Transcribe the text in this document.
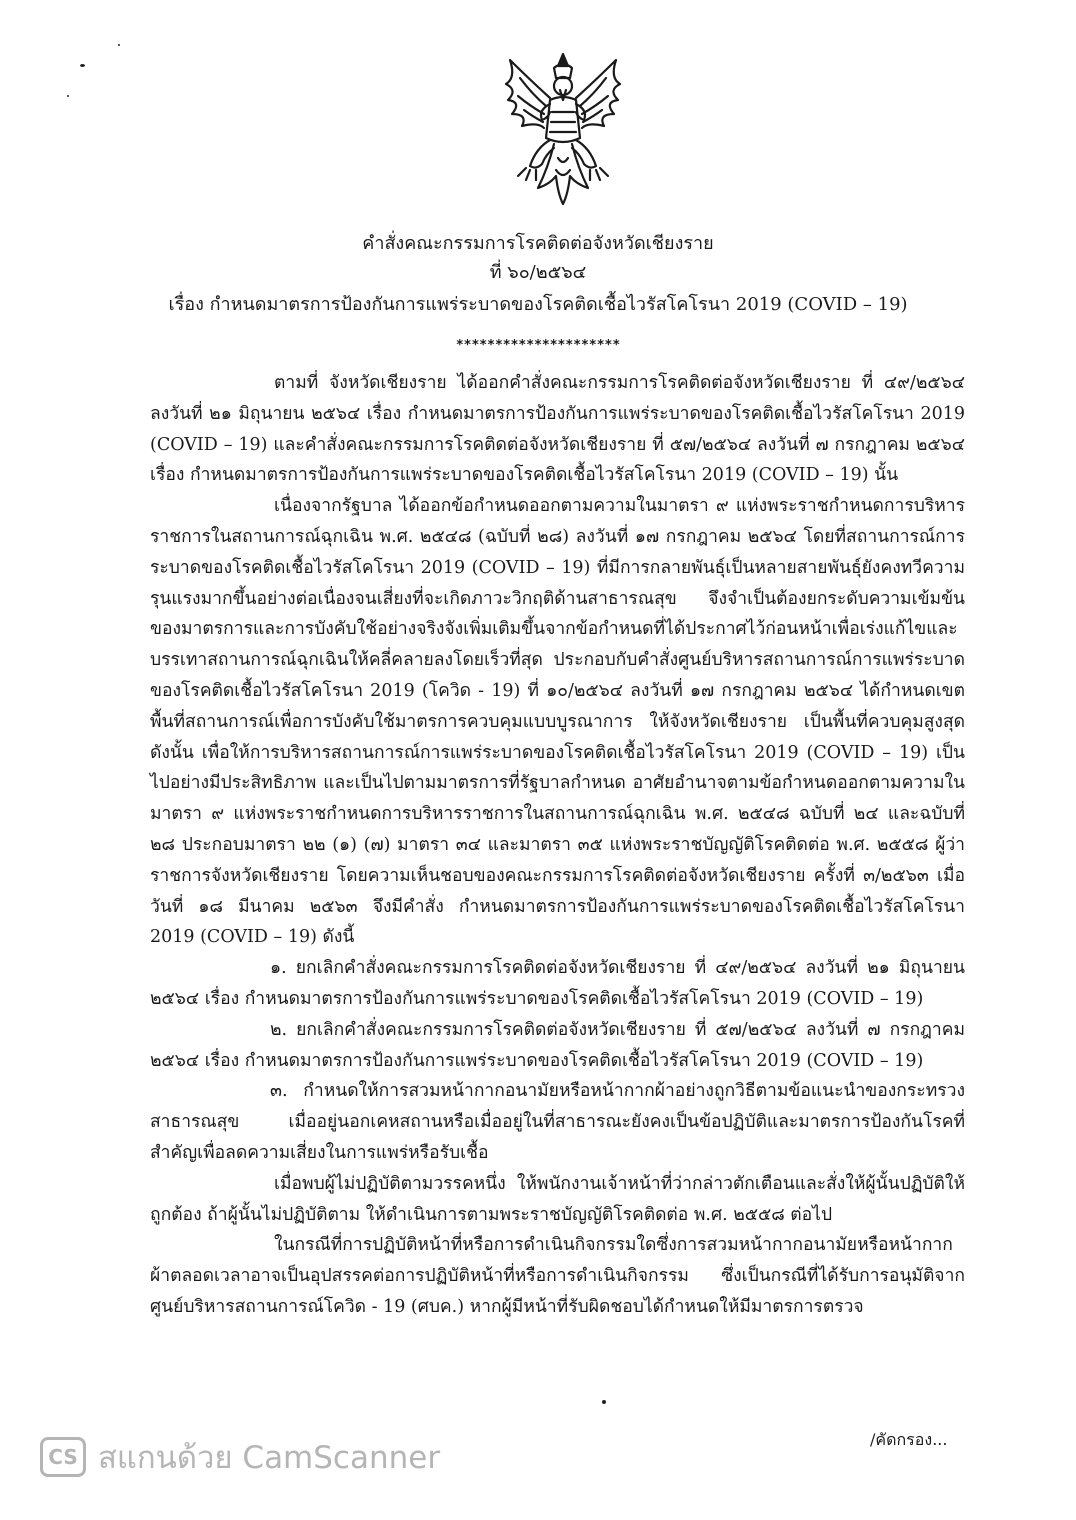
คำสั่งคณะกรรมการโรคติดต่อจังหวัดเชียงราย
ที่ ๖๐/๒๕๖๔
เรื่อง กำหนดมาตรการป้องกันการแพร่ระบาดของโรคติดเชื้อไวรัสโคโรนา 2019 (COVID – 19)
*********************

ตามที่ จังหวัดเชียงราย ได้ออกคำสั่งคณะกรรมการโรคติดต่อจังหวัดเชียงราย ที่ ๔๙/๒๕๖๔ ลงวันที่ ๒๑ มิถุนายน ๒๕๖๔ เรื่อง กำหนดมาตรการป้องกันการแพร่ระบาดของโรคติดเชื้อไวรัสโคโรนา 2019 (COVID – 19) และคำสั่งคณะกรรมการโรคติดต่อจังหวัดเชียงราย ที่ ๕๗/๒๕๖๔ ลงวันที่ ๗ กรกฎาคม ๒๕๖๔ เรื่อง กำหนดมาตรการป้องกันการแพร่ระบาดของโรคติดเชื้อไวรัสโคโรนา 2019 (COVID – 19) นั้น

เนื่องจากรัฐบาล ได้ออกข้อกำหนดออกตามความในมาตรา ๙ แห่งพระราชกำหนดการบริหารราชการในสถานการณ์ฉุกเฉิน พ.ศ. ๒๕๔๘ (ฉบับที่ ๒๘) ลงวันที่ ๑๗ กรกฎาคม ๒๕๖๔ โดยที่สถานการณ์การระบาดของโรคติดเชื้อไวรัสโคโรนา 2019 (COVID – 19) ที่มีการกลายพันธุ์เป็นหลายสายพันธุ์ยังคงทวีความรุนแรงมากขึ้นอย่างต่อเนื่องจนเสี่ยงที่จะเกิดภาวะวิกฤติด้านสาธารณสุข จึงจำเป็นต้องยกระดับความเข้มข้นของมาตรการและการบังคับใช้อย่างจริงจังเพิ่มเติมขึ้นจากข้อกำหนดที่ได้ประกาศไว้ก่อนหน้าเพื่อเร่งแก้ไขและบรรเทาสถานการณ์ฉุกเฉินให้คลี่คลายลงโดยเร็วที่สุด ประกอบกับคำสั่งศูนย์บริหารสถานการณ์การแพร่ระบาดของโรคติดเชื้อไวรัสโคโรนา 2019 (โควิด - 19) ที่ ๑๐/๒๕๖๔ ลงวันที่ ๑๗ กรกฎาคม ๒๕๖๔ ได้กำหนดเขตพื้นที่สถานการณ์เพื่อการบังคับใช้มาตรการควบคุมแบบบูรณาการ ให้จังหวัดเชียงราย เป็นพื้นที่ควบคุมสูงสุด ดังนั้น เพื่อให้การบริหารสถานการณ์การแพร่ระบาดของโรคติดเชื้อไวรัสโคโรนา 2019 (COVID – 19) เป็นไปอย่างมีประสิทธิภาพ และเป็นไปตามมาตรการที่รัฐบาลกำหนด อาศัยอำนาจตามข้อกำหนดออกตามความในมาตรา ๙ แห่งพระราชกำหนดการบริหารราชการในสถานการณ์ฉุกเฉิน พ.ศ. ๒๕๔๘ ฉบับที่ ๒๔ และฉบับที่ ๒๘ ประกอบมาตรา ๒๒ (๑) (๗) มาตรา ๓๔ และมาตรา ๓๕ แห่งพระราชบัญญัติโรคติดต่อ พ.ศ. ๒๕๕๘ ผู้ว่าราชการจังหวัดเชียงราย โดยความเห็นชอบของคณะกรรมการโรคติดต่อจังหวัดเชียงราย ครั้งที่ ๓/๒๕๖๓ เมื่อวันที่ ๑๘ มีนาคม ๒๕๖๓ จึงมีคำสั่ง กำหนดมาตรการป้องกันการแพร่ระบาดของโรคติดเชื้อไวรัสโคโรนา 2019 (COVID – 19) ดังนี้

๑. ยกเลิกคำสั่งคณะกรรมการโรคติดต่อจังหวัดเชียงราย ที่ ๔๙/๒๕๖๔ ลงวันที่ ๒๑ มิถุนายน ๒๕๖๔ เรื่อง กำหนดมาตรการป้องกันการแพร่ระบาดของโรคติดเชื้อไวรัสโคโรนา 2019 (COVID – 19)

๒. ยกเลิกคำสั่งคณะกรรมการโรคติดต่อจังหวัดเชียงราย ที่ ๕๗/๒๕๖๔ ลงวันที่ ๗ กรกฎาคม ๒๕๖๔ เรื่อง กำหนดมาตรการป้องกันการแพร่ระบาดของโรคติดเชื้อไวรัสโคโรนา 2019 (COVID – 19)

๓. กำหนดให้การสวมหน้ากากอนามัยหรือหน้ากากผ้าอย่างถูกวิธีตามข้อแนะนำของกระทรวงสาธารณสุข เมื่ออยู่นอกเคหสถานหรือเมื่ออยู่ในที่สาธารณะยังคงเป็นข้อปฏิบัติและมาตรการป้องกันโรคที่สำคัญเพื่อลดความเสี่ยงในการแพร่หรือรับเชื้อ

เมื่อพบผู้ไม่ปฏิบัติตามวรรคหนึ่ง ให้พนักงานเจ้าหน้าที่ว่ากล่าวตักเตือนและสั่งให้ผู้นั้นปฏิบัติให้ถูกต้อง ถ้าผู้นั้นไม่ปฏิบัติตาม ให้ดำเนินการตามพระราชบัญญัติโรคติดต่อ พ.ศ. ๒๕๕๘ ต่อไป

ในกรณีที่การปฏิบัติหน้าที่หรือการดำเนินกิจกรรมใดซึ่งการสวมหน้ากากอนามัยหรือหน้ากากผ้าตลอดเวลาอาจเป็นอุปสรรคต่อการปฏิบัติหน้าที่หรือการดำเนินกิจกรรม ซึ่งเป็นกรณีที่ได้รับการอนุมัติจากศูนย์บริหารสถานการณ์โควิด - 19 (ศบค.) หากผู้มีหน้าที่รับผิดชอบได้กำหนดให้มีมาตรการตรวจ

/คัดกรอง...
CS สแกนด้วย CamScanner
